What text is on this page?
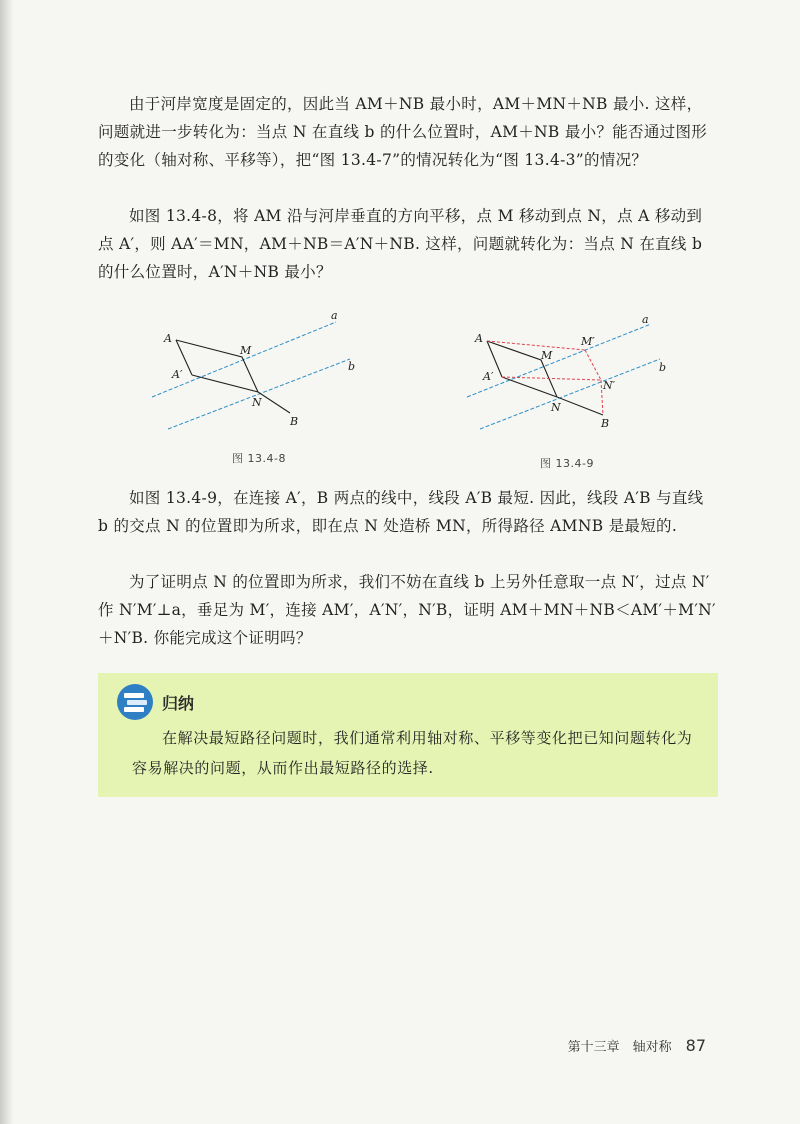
由于河岸宽度是固定的，因此当 AM＋NB 最小时，AM＋MN＋NB 最小. 这样，问题就进一步转化为：当点 N 在直线 b 的什么位置时，AM＋NB 最小？能否通过图形的变化（轴对称、平移等），把“图 13.4-7”的情况转化为“图 13.4-3”的情况？

如图 13.4-8，将 AM 沿与河岸垂直的方向平移，点 M 移动到点 N，点 A 移动到点 A′，则 AA′＝MN，AM＋NB＝A′N＋NB. 这样，问题就转化为：当点 N 在直线 b 的什么位置时，A′N＋NB 最小？

A
A′
M
N
B
a
b
图 13.4-8
A
A′
M
M′
N
N′
B
a
b
图 13.4-9

如图 13.4-9，在连接 A′，B 两点的线中，线段 A′B 最短. 因此，线段 A′B 与直线 b 的交点 N 的位置即为所求，即在点 N 处造桥 MN，所得路径 AMNB 是最短的.

为了证明点 N 的位置即为所求，我们不妨在直线 b 上另外任意取一点 N′，过点 N′作 N′M′⊥a，垂足为 M′，连接 AM′，A′N′，N′B，证明 AM＋MN＋NB＜AM′＋M′N′＋N′B. 你能完成这个证明吗？

归纳

在解决最短路径问题时，我们通常利用轴对称、平移等变化把已知问题转化为容易解决的问题，从而作出最短路径的选择.

第十三章　轴对称 87
